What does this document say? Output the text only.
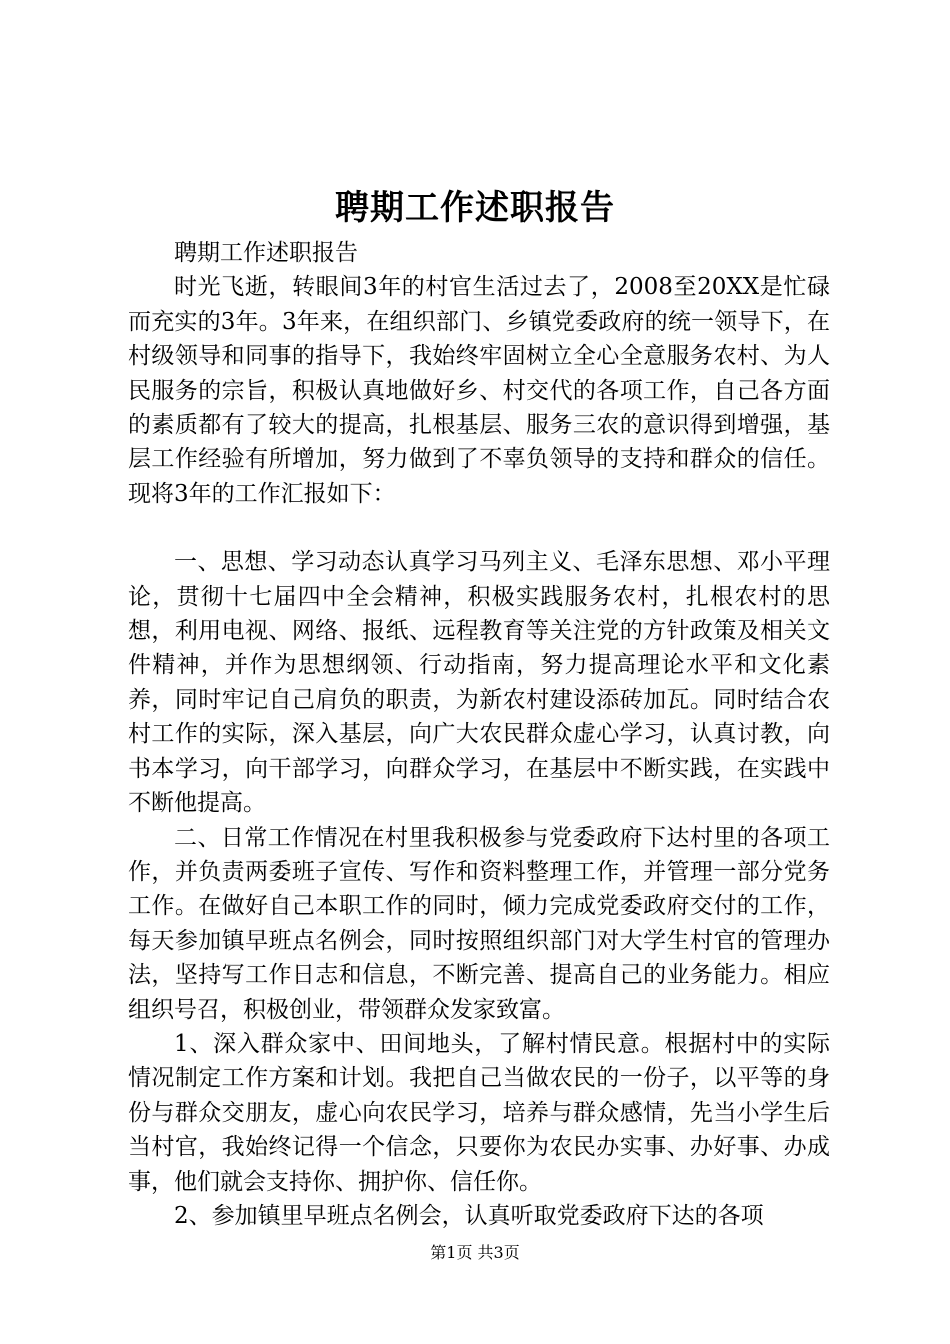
聘期工作述职报告

聘期工作述职报告

时光飞逝，转眼间3年的村官生活过去了，2008至20XX是忙碌而充实的3年。3年来，在组织部门、乡镇党委政府的统一领导下，在村级领导和同事的指导下，我始终牢固树立全心全意服务农村、为人民服务的宗旨，积极认真地做好乡、村交代的各项工作，自己各方面的素质都有了较大的提高，扎根基层、服务三农的意识得到增强，基层工作经验有所增加，努力做到了不辜负领导的支持和群众的信任。现将3年的工作汇报如下：

一、思想、学习动态认真学习马列主义、毛泽东思想、邓小平理论，贯彻十七届四中全会精神，积极实践服务农村，扎根农村的思想，利用电视、网络、报纸、远程教育等关注党的方针政策及相关文件精神，并作为思想纲领、行动指南，努力提高理论水平和文化素养，同时牢记自己肩负的职责，为新农村建设添砖加瓦。同时结合农村工作的实际，深入基层，向广大农民群众虚心学习，认真讨教，向书本学习，向干部学习，向群众学习，在基层中不断实践，在实践中不断他提高。

二、日常工作情况在村里我积极参与党委政府下达村里的各项工作，并负责两委班子宣传、写作和资料整理工作，并管理一部分党务工作。在做好自己本职工作的同时，倾力完成党委政府交付的工作，每天参加镇早班点名例会，同时按照组织部门对大学生村官的管理办法，坚持写工作日志和信息，不断完善、提高自己的业务能力。相应组织号召，积极创业，带领群众发家致富。

1、深入群众家中、田间地头，了解村情民意。根据村中的实际情况制定工作方案和计划。我把自己当做农民的一份子，以平等的身份与群众交朋友，虚心向农民学习，培养与群众感情，先当小学生后当村官，我始终记得一个信念，只要你为农民办实事、办好事、办成事，他们就会支持你、拥护你、信任你。

2、参加镇里早班点名例会，认真听取党委政府下达的各项

第1页 共3页
